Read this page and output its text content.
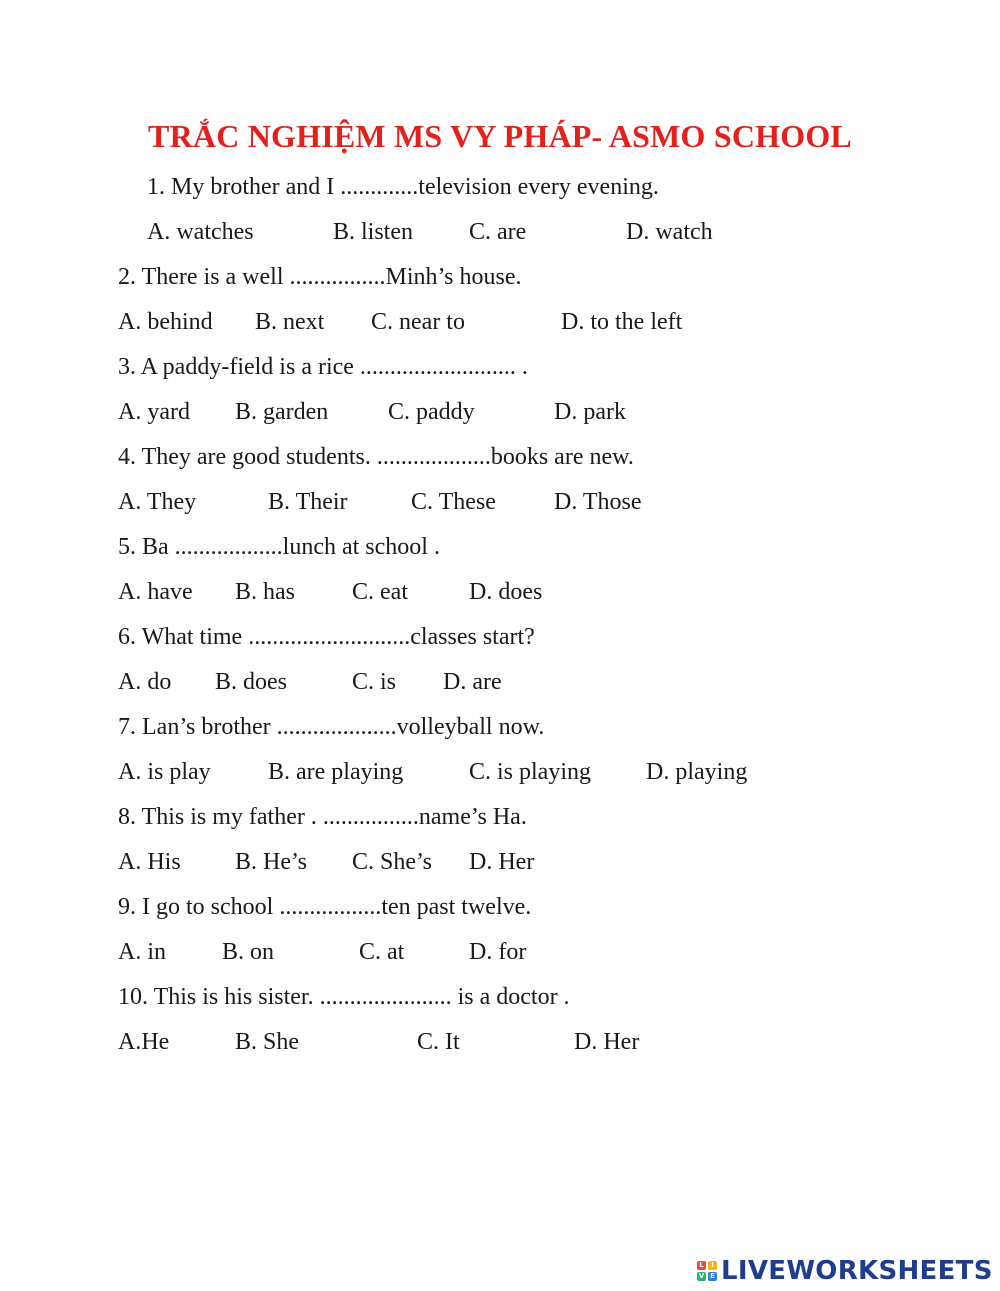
TRẮC NGHIỆM MS VY PHÁP- ASMO SCHOOL
1. My brother and I .............television every evening.
A. watches	B. listen C. are	D. watch
2. There is a well ................Minh’s house.
A. behind B. next C. near to	D. to the left
3. A paddy-field is a rice .......................... .
A. yard B. garden C. paddy	D. park
4. They are good students. ...................books are new.
A. They	B. Their	C. These D. Those
5. Ba ..................lunch at school .
A. have B. has C. eat	D. does
6. What time ...........................classes start?
A. do B. does	C. is D. are
7. Lan’s brother ....................volleyball now.
A. is play B. are playing	C. is playing D. playing
8. This is my father . ................name’s Ha.
A. His B. He’s C. She’s D. Her
9. I go to school .................ten past twelve.
A. in B. on	C. at	D. for
10. This is his sister. ...................... is a doctor .
A.He	B. She	C. It	D. Her
L	I
V E LIVEWORKSHEETS
